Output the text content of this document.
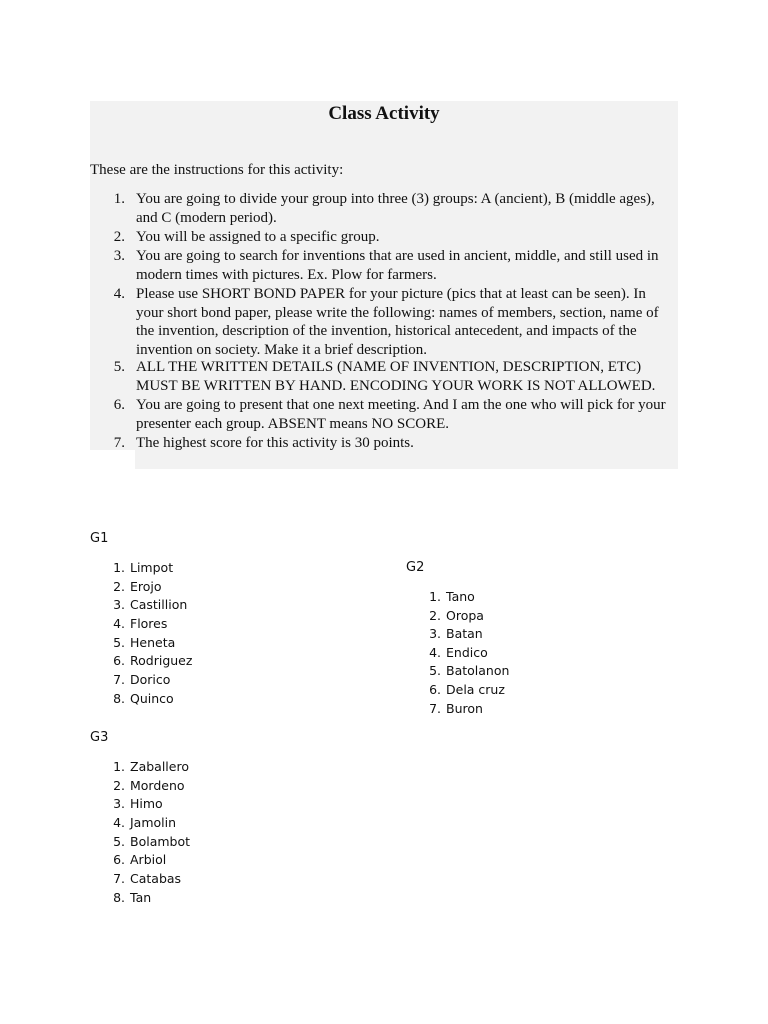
Class Activity
These are the instructions for this activity:
1. You are going to divide your group into three (3) groups: A (ancient), B (middle ages), and C (modern period).
2. You will be assigned to a specific group.
3. You are going to search for inventions that are used in ancient, middle, and still used in modern times with pictures. Ex. Plow for farmers.
4. Please use SHORT BOND PAPER for your picture (pics that at least can be seen). In your short bond paper, please write the following: names of members, section, name of the invention, description of the invention, historical antecedent, and impacts of the invention on society. Make it a brief description.
5. ALL THE WRITTEN DETAILS (NAME OF INVENTION, DESCRIPTION, ETC) MUST BE WRITTEN BY HAND. ENCODING YOUR WORK IS NOT ALLOWED.
6. You are going to present that one next meeting. And I am the one who will pick for your presenter each group. ABSENT means NO SCORE.
7. The highest score for this activity is 30 points.
G1
1. Limpot
2. Erojo
3. Castillion
4. Flores
5. Heneta
6. Rodriguez
7. Dorico
8. Quinco
G2
1. Tano
2. Oropa
3. Batan
4. Endico
5. Batolanon
6. Dela cruz
7. Buron
G3
1. Zaballero
2. Mordeno
3. Himo
4. Jamolin
5. Bolambot
6. Arbiol
7. Catabas
8. Tan
